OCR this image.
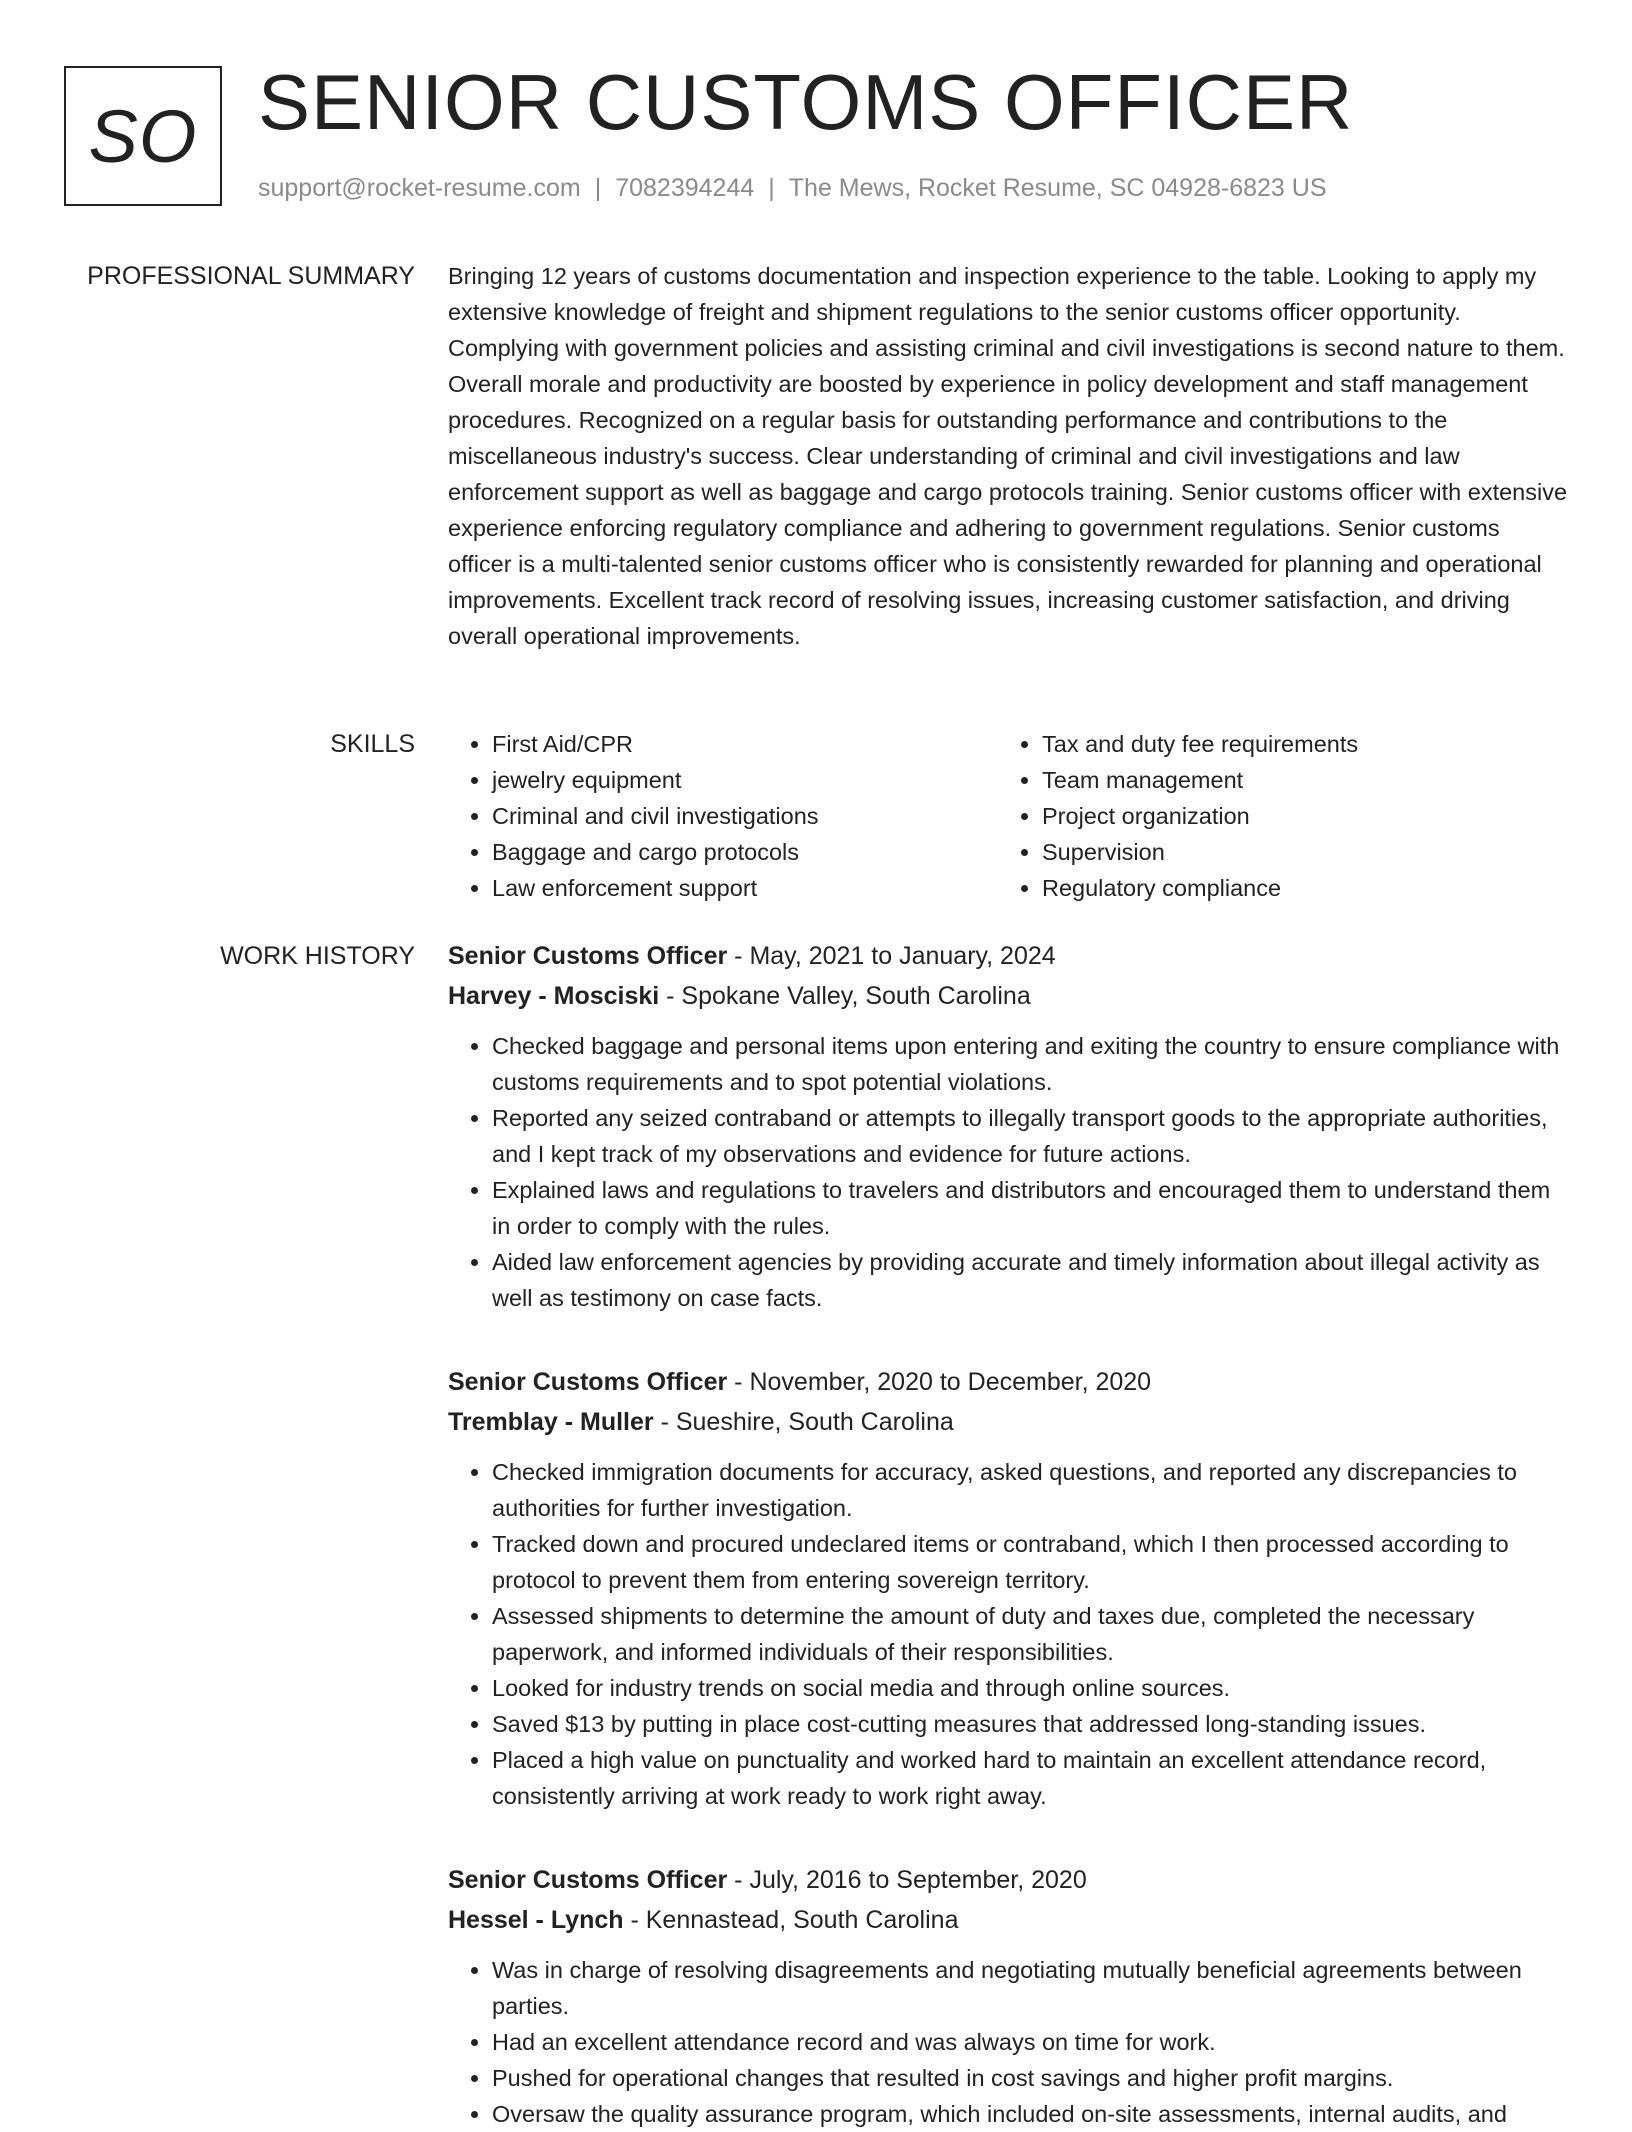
SO SENIOR CUSTOMS OFFICER
support@rocket-resume.com | 7082394244 | The Mews, Rocket Resume, SC 04928-6823 US
PROFESSIONAL SUMMARY Bringing 12 years of customs documentation and inspection experience to the table. Looking to apply my extensive knowledge of freight and shipment regulations to the senior customs officer opportunity. Complying with government policies and assisting criminal and civil investigations is second nature to them. Overall morale and productivity are boosted by experience in policy development and staff management procedures. Recognized on a regular basis for outstanding performance and contributions to the miscellaneous industry's success. Clear understanding of criminal and civil investigations and law enforcement support as well as baggage and cargo protocols training. Senior customs officer with extensive experience enforcing regulatory compliance and adhering to government regulations. Senior customs officer is a multi-talented senior customs officer who is consistently rewarded for planning and operational improvements. Excellent track record of resolving issues, increasing customer satisfaction, and driving overall operational improvements.

SKILLS
•	First Aid/CPR
• jewelry equipment
• Criminal and civil investigations
• Baggage and cargo protocols
• Law enforcement support
• Tax and duty fee requirements
• Team management
• Project organization
• Supervision
• Regulatory compliance
WORK HISTORY Senior Customs Officer - May, 2021 to January, 2024
Harvey - Mosciski - Spokane Valley, South Carolina
• Checked baggage and personal items upon entering and exiting the country to ensure compliance with customs requirements and to spot potential violations.
• Reported any seized contraband or attempts to illegally transport goods to the appropriate authorities, and I kept track of my observations and evidence for future actions.
• Explained laws and regulations to travelers and distributors and encouraged them to understand them in order to comply with the rules.
• Aided law enforcement agencies by providing accurate and timely information about illegal activity as well as testimony on case facts.
Senior Customs Officer - November, 2020 to December, 2020
Tremblay - Muller - Sueshire, South Carolina
• Checked immigration documents for accuracy, asked questions, and reported any discrepancies to authorities for further investigation.
• Tracked down and procured undeclared items or contraband, which I then processed according to protocol to prevent them from entering sovereign territory.
• Assessed shipments to determine the amount of duty and taxes due, completed the necessary paperwork, and informed individuals of their responsibilities.
• Looked for industry trends on social media and through online sources.
• Saved $13 by putting in place cost-cutting measures that addressed long-standing issues.
• Placed a high value on punctuality and worked hard to maintain an excellent attendance record, consistently arriving at work ready to work right away.
Senior Customs Officer - July, 2016 to September, 2020
Hessel - Lynch - Kennastead, South Carolina
• Was in charge of resolving disagreements and negotiating mutually beneficial agreements between parties.
• Had an excellent attendance record and was always on time for work.
• Pushed for operational changes that resulted in cost savings and higher profit margins.
• Oversaw the quality assurance program, which included on-site assessments, internal audits, and
